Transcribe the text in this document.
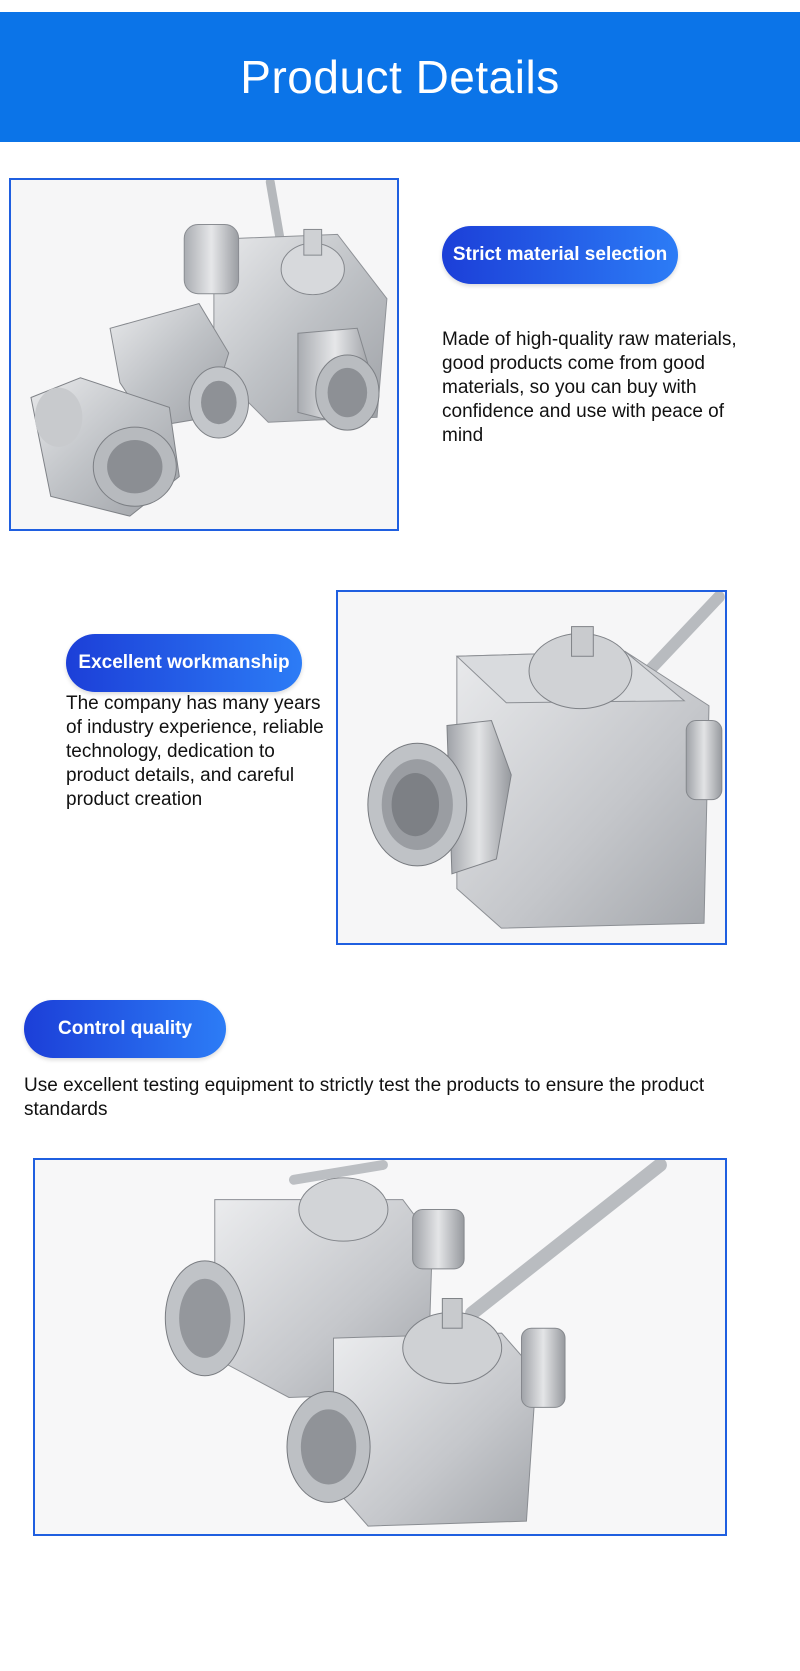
Product Details
Strict material selection

Made of high-quality raw materials, good products come from good materials, so you can buy with confidence and use with peace of mind

Excellent workmanship

The company has many years of industry experience, reliable technology, dedication to product details, and careful product creation

Control quality

Use excellent testing equipment to strictly test the products to ensure the product standards
